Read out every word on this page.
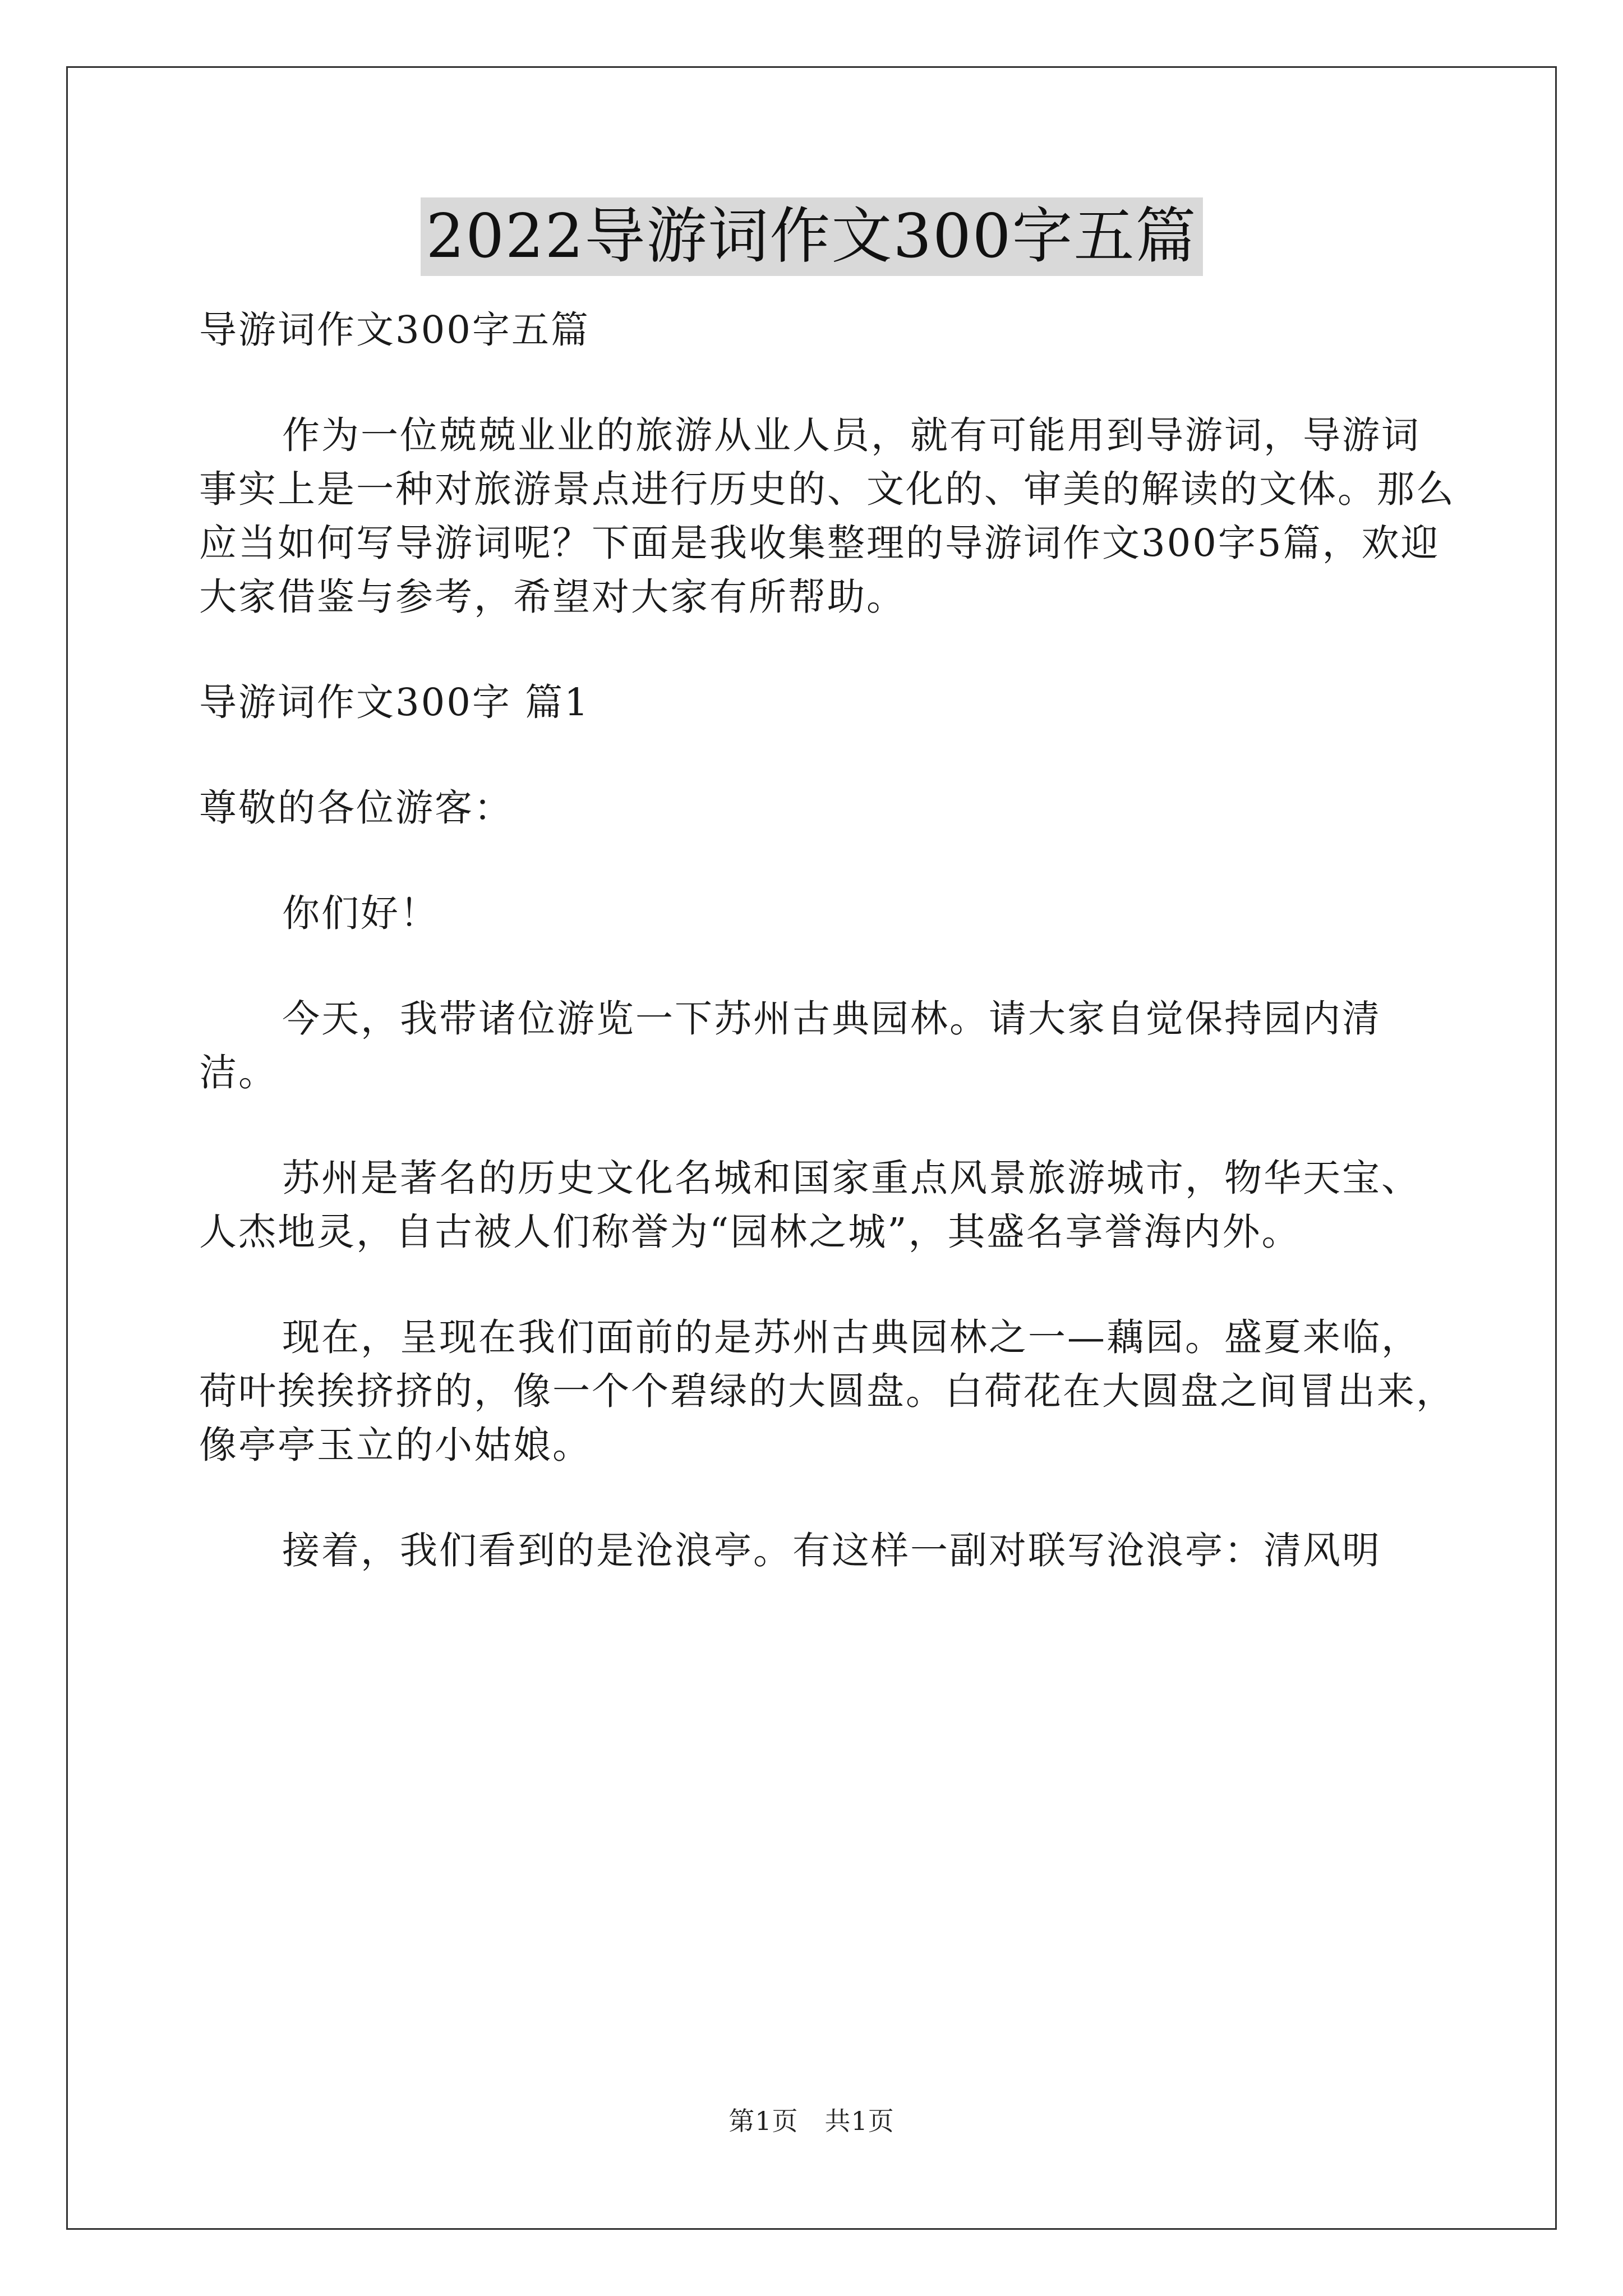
2022导游词作文300字五篇

导游词作文300字五篇

作为一位兢兢业业的旅游从业人员，就有可能用到导游词，导游词事实上是一种对旅游景点进行历史的、文化的、审美的解读的文体。那么应当如何写导游词呢？下面是我收集整理的导游词作文300字5篇，欢迎大家借鉴与参考，希望对大家有所帮助。

导游词作文300字 篇1

尊敬的各位游客：

你们好！

今天，我带诸位游览一下苏州古典园林。请大家自觉保持园内清洁。

苏州是著名的历史文化名城和国家重点风景旅游城市，物华天宝、人杰地灵，自古被人们称誉为“园林之城”，其盛名享誉海内外。

现在，呈现在我们面前的是苏州古典园林之一—藕园。盛夏来临，荷叶挨挨挤挤的，像一个个碧绿的大圆盘。白荷花在大圆盘之间冒出来，像亭亭玉立的小姑娘。

接着，我们看到的是沧浪亭。有这样一副对联写沧浪亭：清风明

第1页　共1页
